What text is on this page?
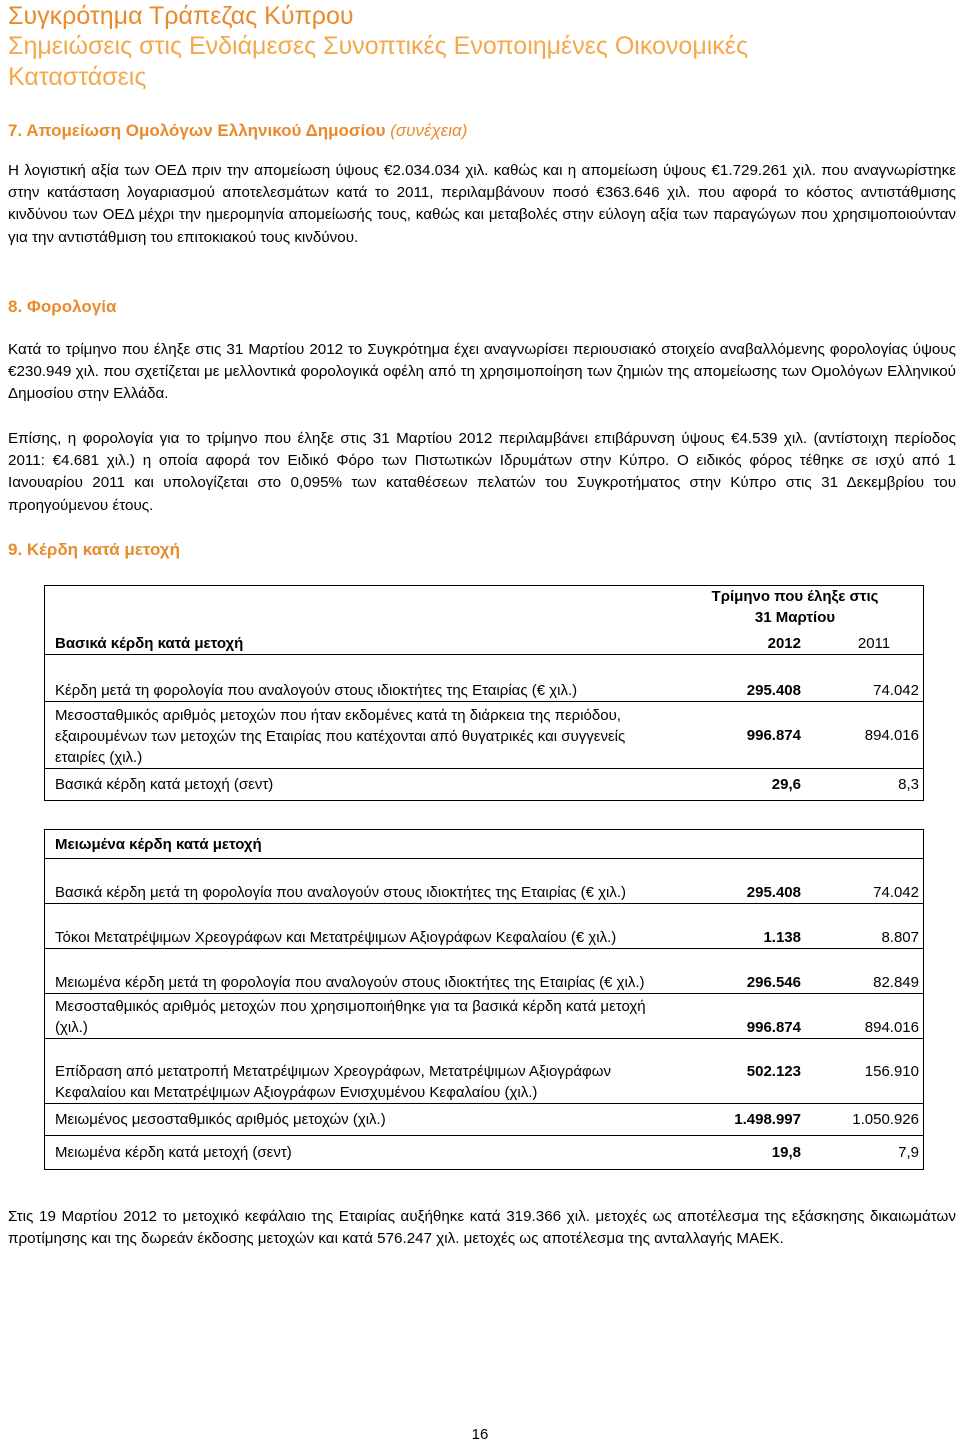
Συγκρότημα Τράπεζας Κύπρου
Σημειώσεις στις Ενδιάμεσες Συνοπτικές Ενοποιημένες Οικονομικές
Καταστάσεις
7. Απομείωση Ομολόγων Ελληνικού Δημοσίου (συνέχεια)

Η λογιστική αξία των ΟΕΔ πριν την απομείωση ύψους €2.034.034 χιλ. καθώς και η απομείωση ύψους €1.729.261 χιλ. που αναγνωρίστηκε στην κατάσταση λογαριασμού αποτελεσμάτων κατά το 2011, περιλαμβάνουν ποσό €363.646 χιλ. που αφορά το κόστος αντιστάθμισης κινδύνου των ΟΕΔ μέχρι την ημερομηνία απομείωσής τους, καθώς και μεταβολές στην εύλογη αξία των παραγώγων που χρησιμοποιούνταν για την αντιστάθμιση του επιτοκιακού τους κινδύνου.

8. Φορολογία

Κατά το τρίμηνο που έληξε στις 31 Μαρτίου 2012 το Συγκρότημα έχει αναγνωρίσει περιουσιακό στοιχείο αναβαλλόμενης φορολογίας ύψους €230.949 χιλ. που σχετίζεται με μελλοντικά φορολογικά οφέλη από τη χρησιμοποίηση των ζημιών της απομείωσης των Ομολόγων Ελληνικού Δημοσίου στην Ελλάδα.

Επίσης, η φορολογία για το τρίμηνο που έληξε στις 31 Μαρτίου 2012 περιλαμβάνει επιβάρυνση ύψους €4.539 χιλ. (αντίστοιχη περίοδος 2011: €4.681 χιλ.) η οποία αφορά τον Ειδικό Φόρο των Πιστωτικών Ιδρυμάτων στην Κύπρο. Ο ειδικός φόρος τέθηκε σε ισχύ από 1 Ιανουαρίου 2011 και υπολογίζεται στο 0,095% των καταθέσεων πελατών του Συγκροτήματος στην Κύπρο στις 31 Δεκεμβρίου του προηγούμενου έτους.

9. Κέρδη κατά μετοχή

	Τρίμηνο που έληξε στις
31 Μαρτίου	

Βασικά κέρδη κατά μετοχή	2012	2011
Κέρδη μετά τη φορολογία που αναλογούν στους ιδιοκτήτες της Εταιρίας (€ χιλ.)	295.408	74.042
Μεσοσταθμικός αριθμός μετοχών που ήταν εκδομένες κατά τη διάρκεια της περιόδου, εξαιρουμένων των μετοχών της Εταιρίας που κατέχονται από θυγατρικές και συγγενείς εταιρίες (χιλ.)	996.874	894.016
Βασικά κέρδη κατά μετοχή (σεντ)	29,6	8,3
Μειωμένα κέρδη κατά μετοχή		
Βασικά κέρδη μετά τη φορολογία που αναλογούν στους ιδιοκτήτες της Εταιρίας (€ χιλ.)	295.408	74.042
Τόκοι Μετατρέψιμων Χρεογράφων και Μετατρέψιμων Αξιογράφων Κεφαλαίου (€ χιλ.)	1.138	8.807
Μειωμένα κέρδη μετά τη φορολογία που αναλογούν στους ιδιοκτήτες της Εταιρίας (€ χιλ.)	296.546	82.849
Μεσοσταθμικός αριθμός μετοχών που χρησιμοποιήθηκε για τα βασικά κέρδη κατά μετοχή (χιλ.)	996.874	894.016
Επίδραση από μετατροπή Μετατρέψιμων Χρεογράφων, Μετατρέψιμων Αξιογράφων Κεφαλαίου και Μετατρέψιμων Αξιογράφων Ενισχυμένου Κεφαλαίου (χιλ.)	502.123	156.910
Μειωμένος μεσοσταθμικός αριθμός μετοχών (χιλ.)	1.498.997	1.050.926
Μειωμένα κέρδη κατά μετοχή (σεντ)	19,8	7,9

Στις 19 Μαρτίου 2012 το μετοχικό κεφάλαιο της Εταιρίας αυξήθηκε κατά 319.366 χιλ. μετοχές ως αποτέλεσμα της εξάσκησης δικαιωμάτων προτίμησης και της δωρεάν έκδοσης μετοχών και κατά 576.247 χιλ. μετοχές ως αποτέλεσμα της ανταλλαγής ΜΑΕΚ.

16
